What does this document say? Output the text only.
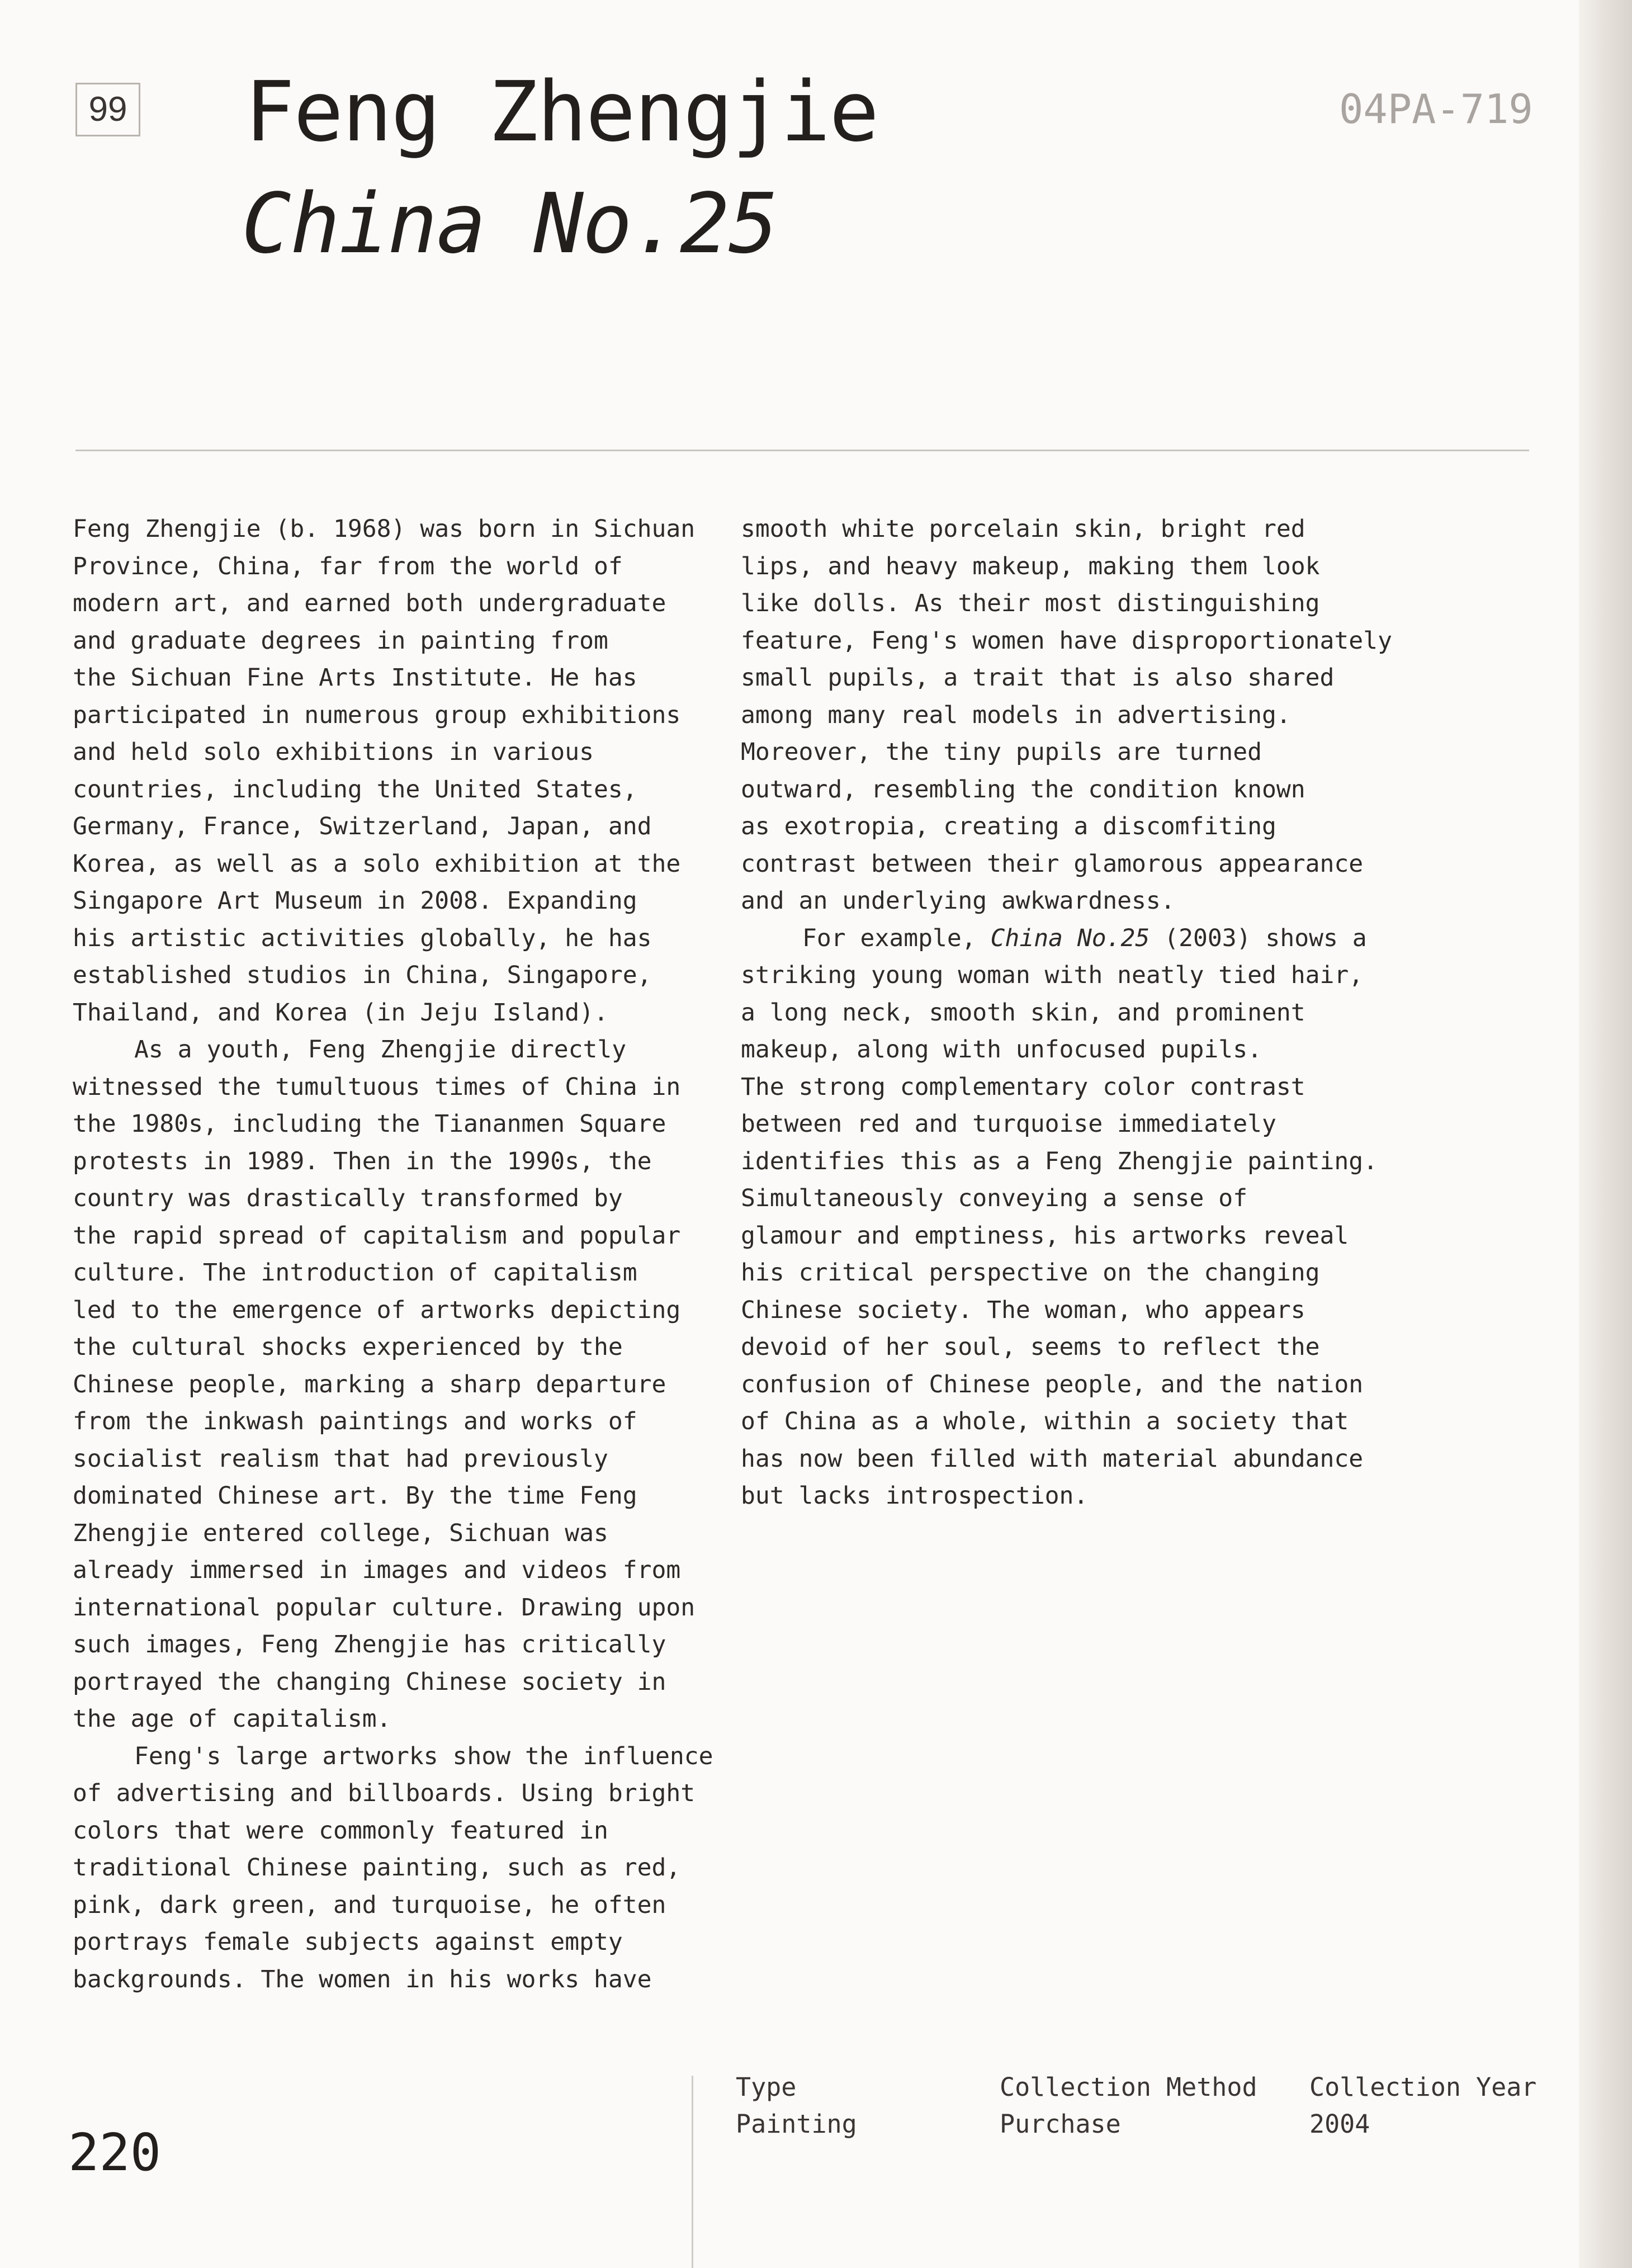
99 Feng Zhengjie
China No.25
04PA-719

Feng Zhengjie (b. 1968) was born in Sichuan

Province, China, far from the world of

modern art, and earned both undergraduate

and graduate degrees in painting from

the Sichuan Fine Arts Institute. He has

participated in numerous group exhibitions

and held solo exhibitions in various

countries, including the United States,

Germany, France, Switzerland, Japan, and

Korea, as well as a solo exhibition at the

Singapore Art Museum in 2008. Expanding

his artistic activities globally, he has

established studios in China, Singapore,

Thailand, and Korea (in Jeju Island).

As a youth, Feng Zhengjie directly

witnessed the tumultuous times of China in

the 1980s, including the Tiananmen Square

protests in 1989. Then in the 1990s, the

country was drastically transformed by

the rapid spread of capitalism and popular

culture. The introduction of capitalism

led to the emergence of artworks depicting

the cultural shocks experienced by the

Chinese people, marking a sharp departure

from the inkwash paintings and works of

socialist realism that had previously

dominated Chinese art. By the time Feng

Zhengjie entered college, Sichuan was

already immersed in images and videos from

international popular culture. Drawing upon

such images, Feng Zhengjie has critically

portrayed the changing Chinese society in

the age of capitalism.

Feng's large artworks show the influence

of advertising and billboards. Using bright

colors that were commonly featured in

traditional Chinese painting, such as red,

pink, dark green, and turquoise, he often

portrays female subjects against empty

backgrounds. The women in his works have

smooth white porcelain skin, bright red

lips, and heavy makeup, making them look

like dolls. As their most distinguishing

feature, Feng's women have disproportionately

small pupils, a trait that is also shared

among many real models in advertising.

Moreover, the tiny pupils are turned

outward, resembling the condition known

as exotropia, creating a discomfiting

contrast between their glamorous appearance

and an underlying awkwardness.

For example, China No.25 (2003) shows a

striking young woman with neatly tied hair,

a long neck, smooth skin, and prominent

makeup, along with unfocused pupils.

The strong complementary color contrast

between red and turquoise immediately

identifies this as a Feng Zhengjie painting.

Simultaneously conveying a sense of

glamour and emptiness, his artworks reveal

his critical perspective on the changing

Chinese society. The woman, who appears

devoid of her soul, seems to reflect the

confusion of Chinese people, and the nation

of China as a whole, within a society that

has now been filled with material abundance

but lacks introspection.

Type
Painting
Collection Method
Purchase
Collection Year
2004
220
